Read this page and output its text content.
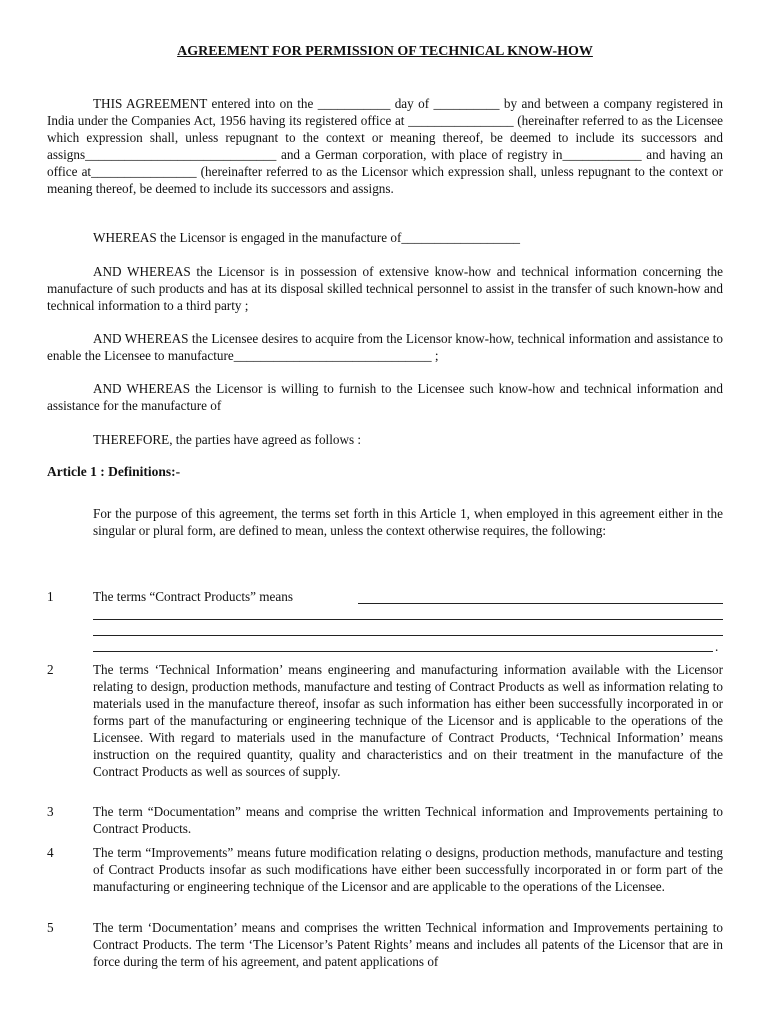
AGREEMENT FOR PERMISSION OF TECHNICAL KNOW-HOW

THIS AGREEMENT entered into on the ___________ day of __________ by and between a company registered in India under the Companies Act, 1956 having its registered office at ________________ (hereinafter referred to as the Licensee which expression shall, unless repugnant to the context or meaning thereof, be deemed to include its successors and assigns_____________________________ and a German corporation, with place of registry in____________ and having an office at________________ (hereinafter referred to as the Licensor which expression shall, unless repugnant to the context or meaning thereof, be deemed to include its successors and assigns.

WHEREAS the Licensor is engaged in the manufacture of__________________

AND WHEREAS the Licensor is in possession of extensive know-how and technical information concerning the manufacture of such products and has at its disposal skilled technical personnel to assist in the transfer of such known-how and technical information to a third party ;

AND WHEREAS the Licensee desires to acquire from the Licensor know-how, technical information and assistance to enable the Licensee to manufacture______________________________ ;

AND WHEREAS the Licensor is willing to furnish to the Licensee such know-how and technical information and assistance for the manufacture of

THEREFORE, the parties have agreed as follows :

Article 1 : Definitions:-

For the purpose of this agreement, the terms set forth in this Article 1, when employed in this agreement either in the singular or plural form, are defined to mean, unless the context otherwise requires, the following:

1	The terms “Contract Products” means
.
2	The terms ‘Technical Information’ means engineering and manufacturing information available with the Licensor relating to design, production methods, manufacture and testing of Contract Products as well as information relating to materials used in the manufacture thereof, insofar as such information has either been successfully incorporated in or forms part of the manufacturing or engineering technique of the Licensor and is applicable to the operations of the Licensee. With regard to materials used in the manufacture of Contract Products, ‘Technical Information’ means instruction on the required quantity, quality and characteristics and on their treatment in the manufacture of the Contract Products as well as sources of supply.

3	The term “Documentation” means and comprise the written Technical information and Improvements pertaining to Contract Products.

4	The term “Improvements” means future modification relating o designs, production methods, manufacture and testing of Contract Products insofar as such modifications have either been successfully incorporated in or form part of the manufacturing or engineering technique of the Licensor and are applicable to the operations of the Licensee.

5	The term ‘Documentation’ means and comprises the written Technical information and Improvements pertaining to Contract Products. The term ‘The Licensor’s Patent Rights’ means and includes all patents of the Licensor that are in force during the term of his agreement, and patent applications of
